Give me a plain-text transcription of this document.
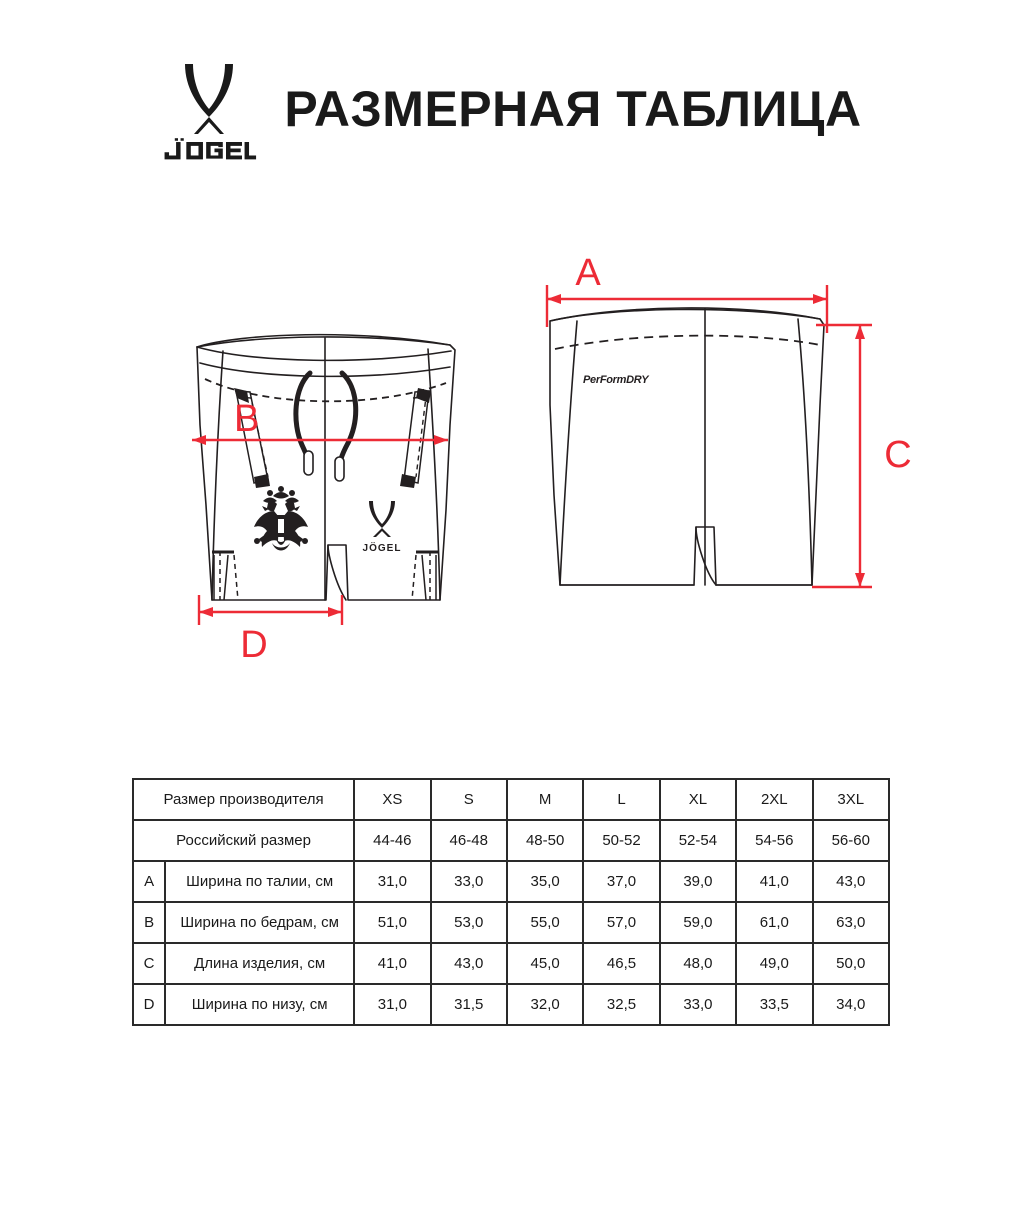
РАЗМЕРНАЯ ТАБЛИЦА
JÖGEL
B
D
PerFormDRY
A
C
Размер производителя		XS	S	M	L	XL	2XL	3XL
Российский размер		44-46	46-48	48-50	50-52	52-54	54-56	56-60
A	Ширина по талии, см	31,0	33,0	35,0	37,0	39,0	41,0	43,0
B	Ширина по бедрам, см	51,0	53,0	55,0	57,0	59,0	61,0	63,0
C	Длина изделия, см	41,0	43,0	45,0	46,5	48,0	49,0	50,0
D	Ширина по низу, см	31,0	31,5	32,0	32,5	33,0	33,5	34,0
